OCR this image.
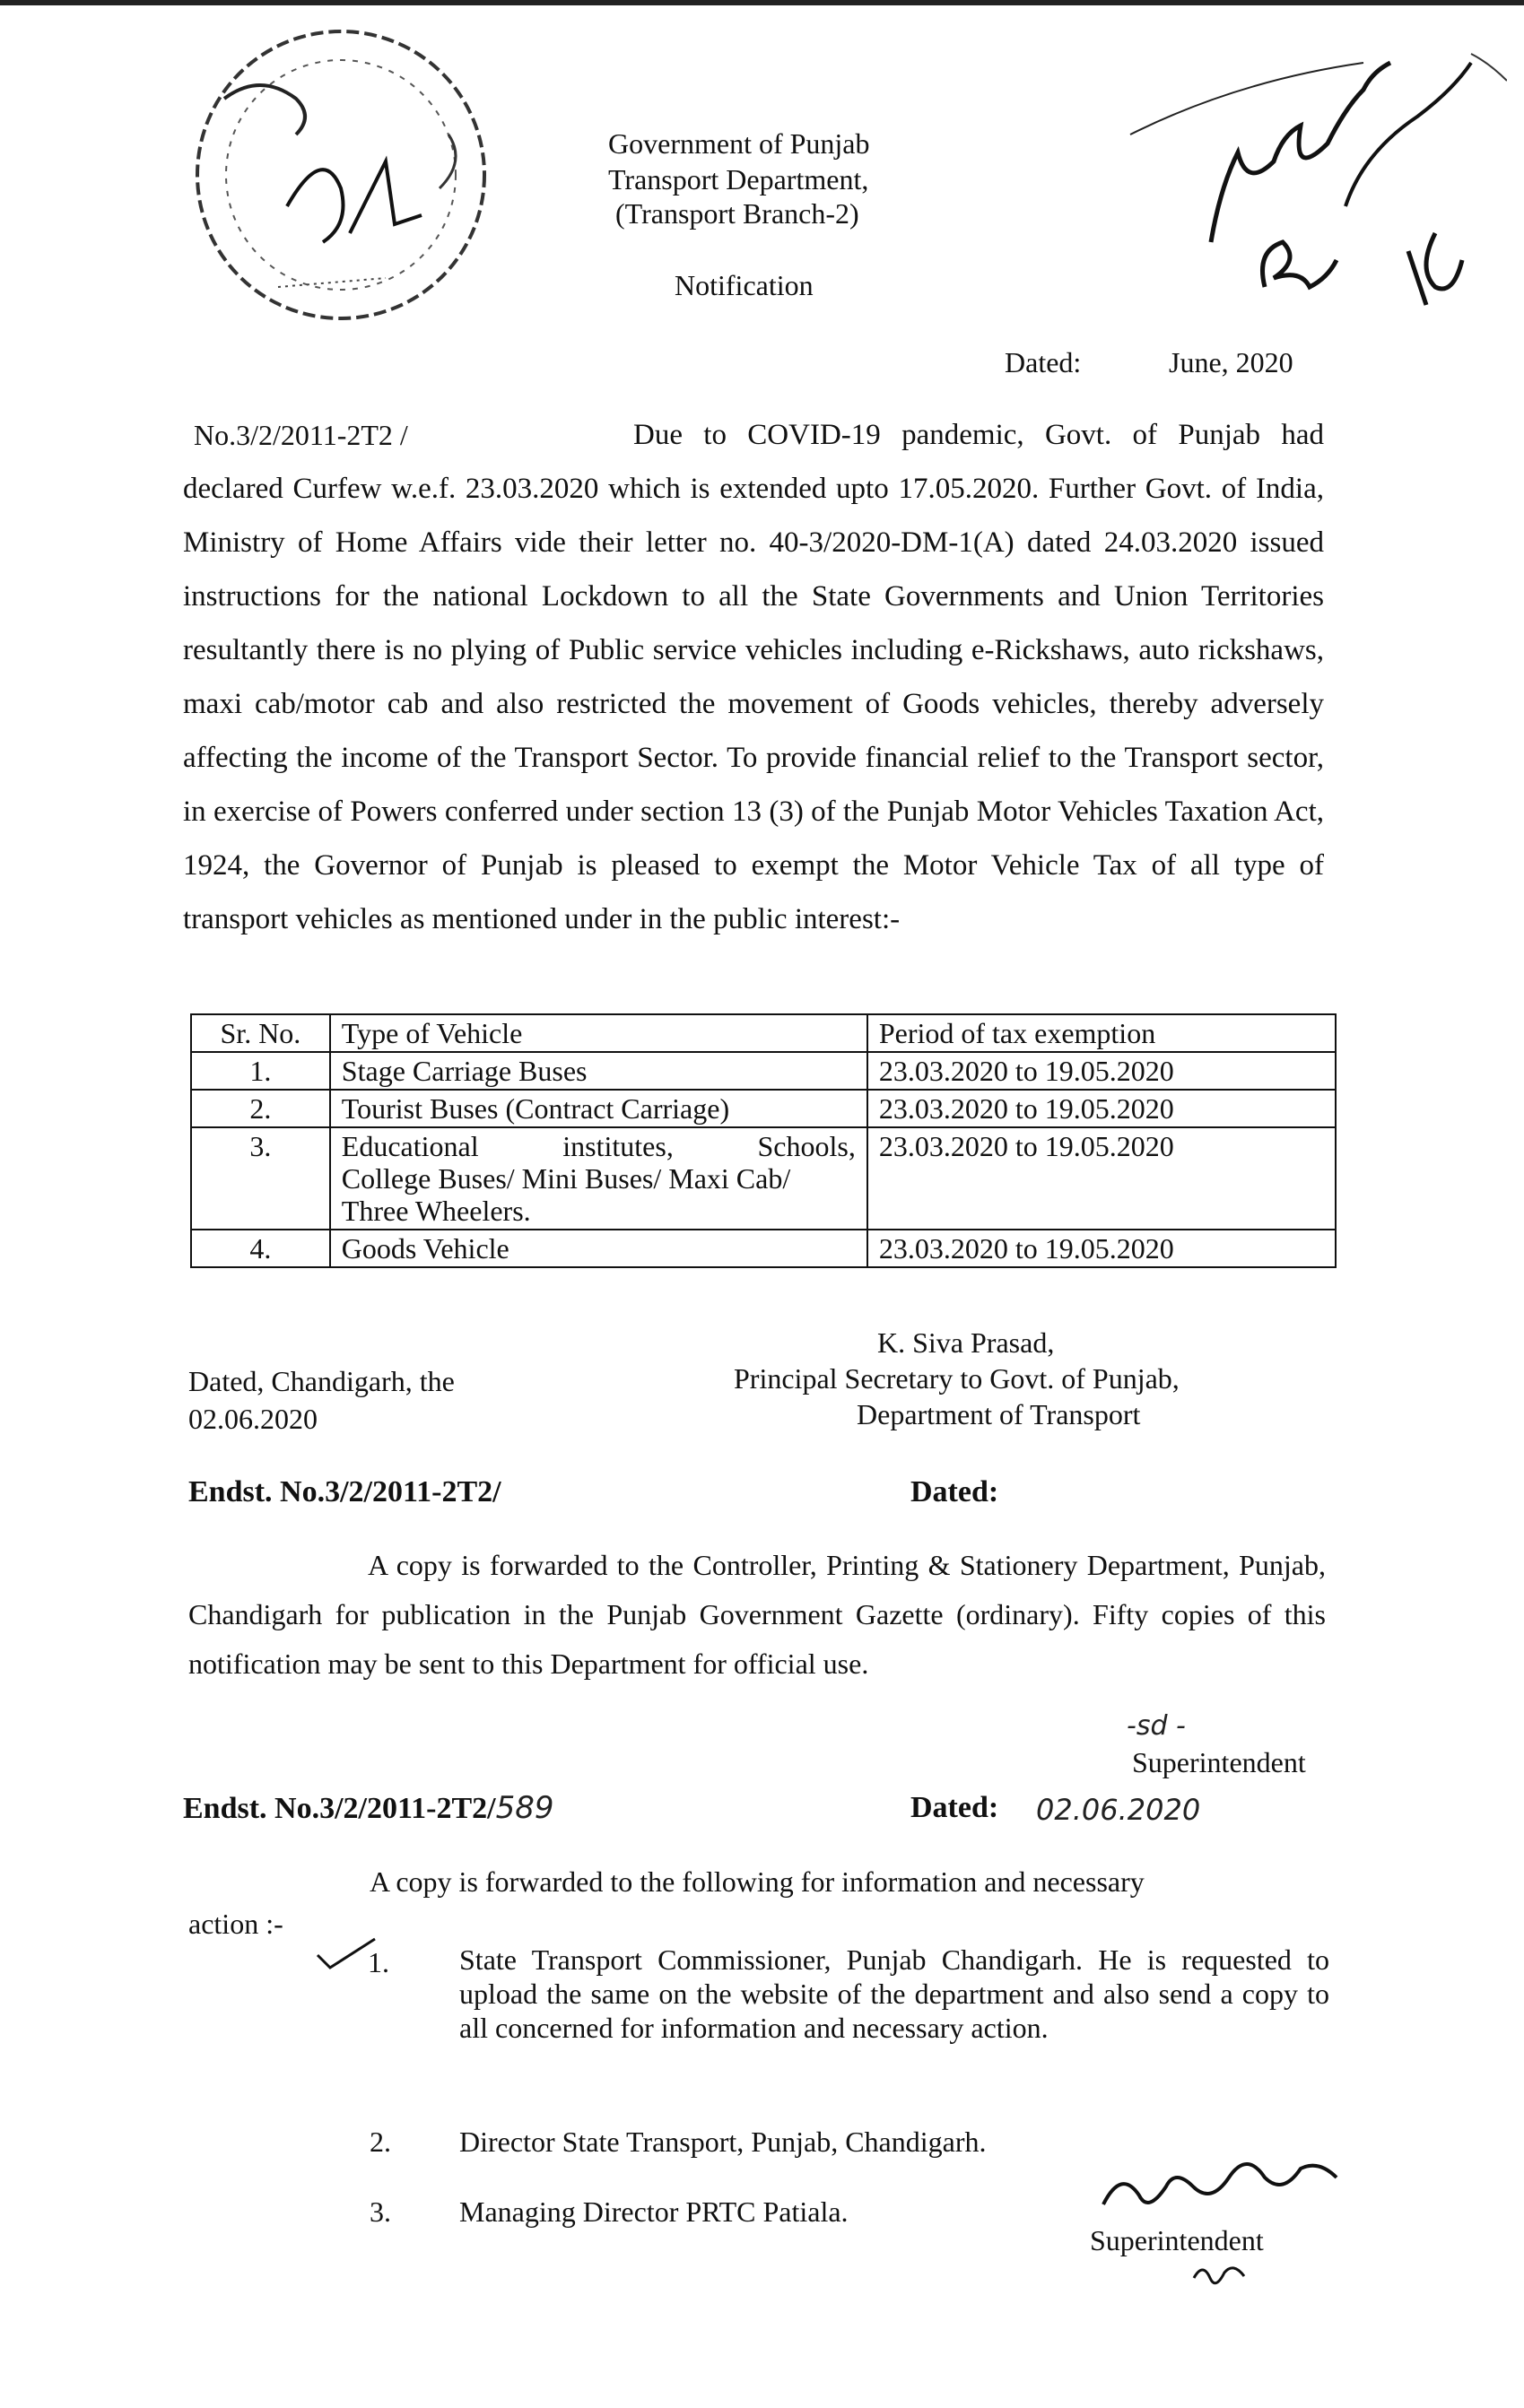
Government of Punjab
Transport Department,
(Transport Branch-2)
Notification
Dated:	June, 2020
No.3/2/2011-2T2 /	Due to COVID-19 pandemic, Govt. of Punjab had
declared Curfew w.e.f. 23.03.2020 which is extended upto 17.05.2020. Further Govt. of India, Ministry of Home Affairs vide their letter no. 40-3/2020-DM-1(A) dated 24.03.2020 issued instructions for the national Lockdown to all the State Governments and Union Territories resultantly there is no plying of Public service vehicles including e-Rickshaws, auto rickshaws, maxi cab/motor cab and also restricted the movement of Goods vehicles, thereby adversely affecting the income of the Transport Sector. To provide financial relief to the Transport sector, in exercise of Powers conferred under section 13 (3) of the Punjab Motor Vehicles Taxation Act, 1924, the Governor of Punjab is pleased to exempt the Motor Vehicle Tax of all type of transport vehicles as mentioned under in the public interest:-
Sr. No.	Type of Vehicle	Period of tax exemption
1.	Stage Carriage Buses	23.03.2020 to 19.05.2020
2.	Tourist Buses (Contract Carriage)	23.03.2020 to 19.05.2020
3.	Educational institutes, Schools,
College Buses/ Mini Buses/ Maxi Cab/
Three Wheelers.	23.03.2020 to 19.05.2020
4.	Goods Vehicle	23.03.2020 to 19.05.2020
K. Siva Prasad,
Principal Secretary to Govt. of Punjab,
Department of Transport
Dated, Chandigarh, the
02.06.2020
Endst. No.3/2/2011-2T2/	Dated:
A copy is forwarded to the Controller, Printing & Stationery Department, Punjab, Chandigarh for publication in the Punjab Government Gazette (ordinary). Fifty copies of this notification may be sent to this Department for official use.
-sd -
Superintendent
Endst. No.3/2/2011-2T2/589	Dated: 02.06.2020
A copy is forwarded to the following for information and necessary
action :-
1. State Transport Commissioner, Punjab Chandigarh. He is requested to upload the same on the website of the department and also send a copy to all concerned for information and necessary action.
2. Director State Transport, Punjab, Chandigarh.
3. Managing Director PRTC Patiala.
Superintendent
